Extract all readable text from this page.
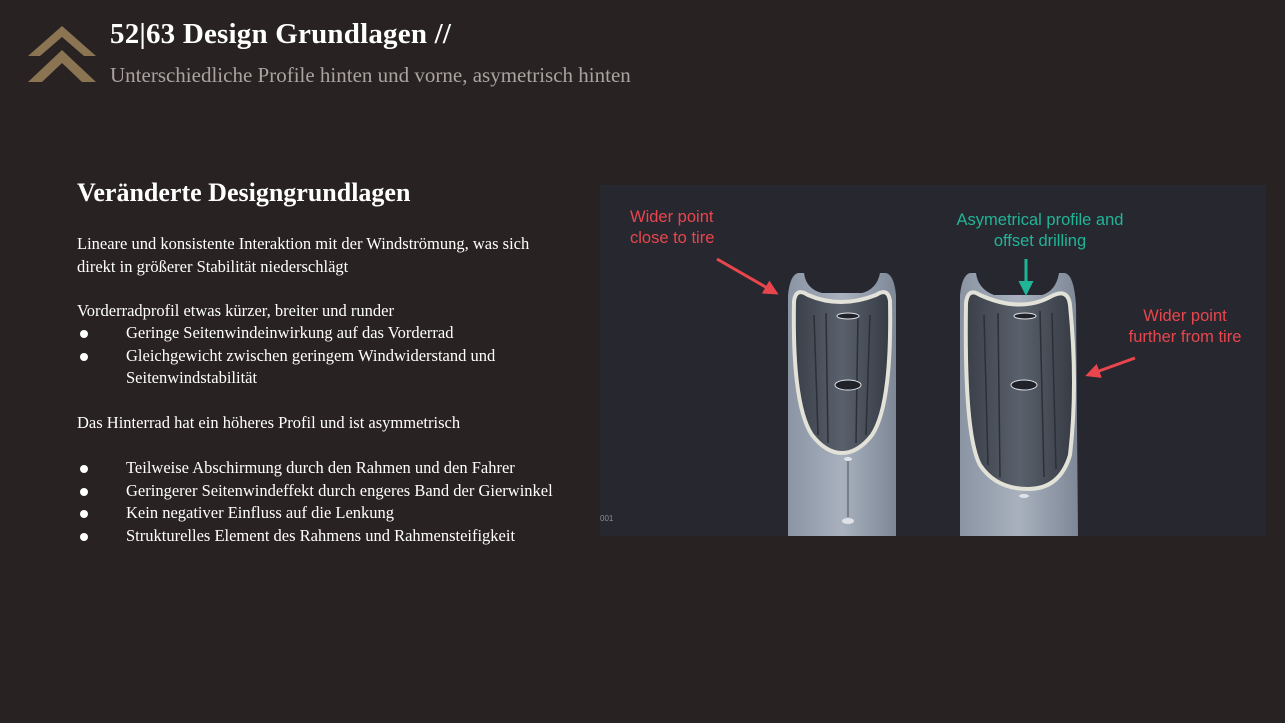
52|63 Design Grundlagen //
Unterschiedliche Profile hinten und vorne, asymetrisch hinten
Veränderte Designgrundlagen
Lineare und konsistente Interaktion mit der Windströmung, was sich direkt in größerer Stabilität niederschlägt
Vorderradprofil etwas kürzer, breiter und runder
Geringe Seitenwindeinwirkung auf das Vorderrad
Gleichgewicht zwischen geringem Windwiderstand und Seitenwindstabilität
Das Hinterrad hat ein höheres Profil und ist asymmetrisch
Teilweise Abschirmung durch den Rahmen und den Fahrer
Geringerer Seitenwindeffekt durch engeres Band der Gierwinkel
Kein negativer Einfluss auf die Lenkung
Strukturelles Element des Rahmens und Rahmensteifigkeit
Wider point
close to tire
Asymetrical profile and
offset drilling
Wider point
further from tire
001
